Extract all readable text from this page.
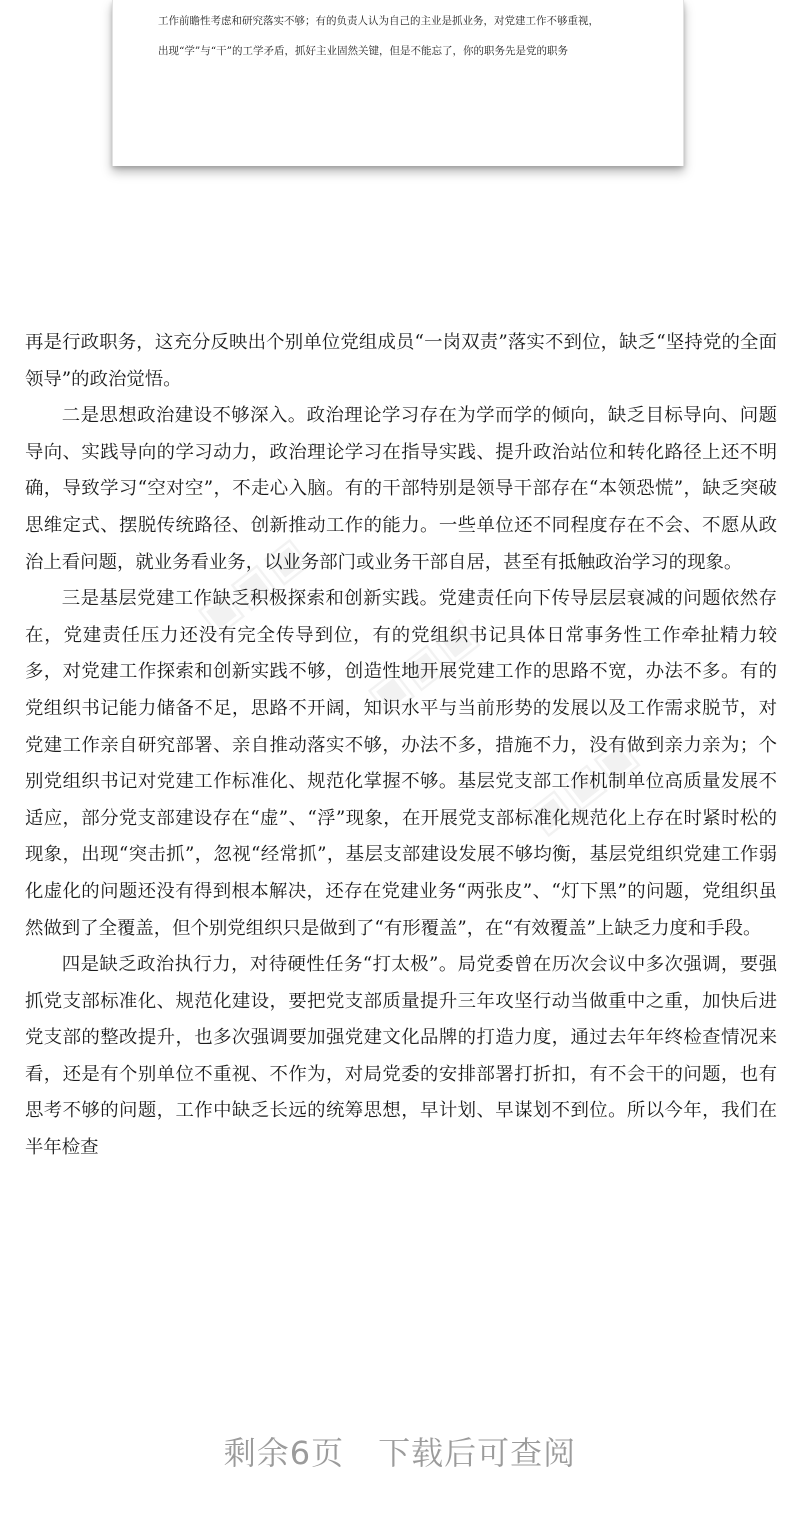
工作前瞻性考虑和研究落实不够；有的负责人认为自己的主业是抓业务，对党建工作不够重视，
出现“学”与“干”的工学矛盾，抓好主业固然关键，但是不能忘了，你的职务先是党的职务
▣▣▣
▣▣▣
▣▣▣

再是行政职务，这充分反映出个别单位党组成员“一岗双责”落实不到位，缺乏“坚持党的全面领导”的政治觉悟。

二是思想政治建设不够深入。政治理论学习存在为学而学的倾向，缺乏目标导向、问题导向、实践导向的学习动力，政治理论学习在指导实践、提升政治站位和转化路径上还不明确，导致学习“空对空”，不走心入脑。有的干部特别是领导干部存在“本领恐慌”，缺乏突破思维定式、摆脱传统路径、创新推动工作的能力。一些单位还不同程度存在不会、不愿从政治上看问题，就业务看业务，以业务部门或业务干部自居，甚至有抵触政治学习的现象。

三是基层党建工作缺乏积极探索和创新实践。党建责任向下传导层层衰减的问题依然存在，党建责任压力还没有完全传导到位，有的党组织书记具体日常事务性工作牵扯精力较多，对党建工作探索和创新实践不够，创造性地开展党建工作的思路不宽，办法不多。有的党组织书记能力储备不足，思路不开阔，知识水平与当前形势的发展以及工作需求脱节，对党建工作亲自研究部署、亲自推动落实不够，办法不多，措施不力，没有做到亲力亲为；个别党组织书记对党建工作标准化、规范化掌握不够。基层党支部工作机制单位高质量发展不适应，部分党支部建设存在“虚”、“浮”现象，在开展党支部标准化规范化上存在时紧时松的现象，出现“突击抓”，忽视“经常抓”，基层支部建设发展不够均衡，基层党组织党建工作弱化虚化的问题还没有得到根本解决，还存在党建业务“两张皮”、“灯下黑”的问题，党组织虽然做到了全覆盖，但个别党组织只是做到了“有形覆盖”，在“有效覆盖”上缺乏力度和手段。

四是缺乏政治执行力，对待硬性任务“打太极”。局党委曾在历次会议中多次强调，要强抓党支部标准化、规范化建设，要把党支部质量提升三年攻坚行动当做重中之重，加快后进党支部的整改提升，也多次强调要加强党建文化品牌的打造力度，通过去年年终检查情况来看，还是有个别单位不重视、不作为，对局党委的安排部署打折扣，有不会干的问题，也有思考不够的问题，工作中缺乏长远的统筹思想，早计划、早谋划不到位。所以今年，我们在半年检查

剩余6页 下载后可查阅
